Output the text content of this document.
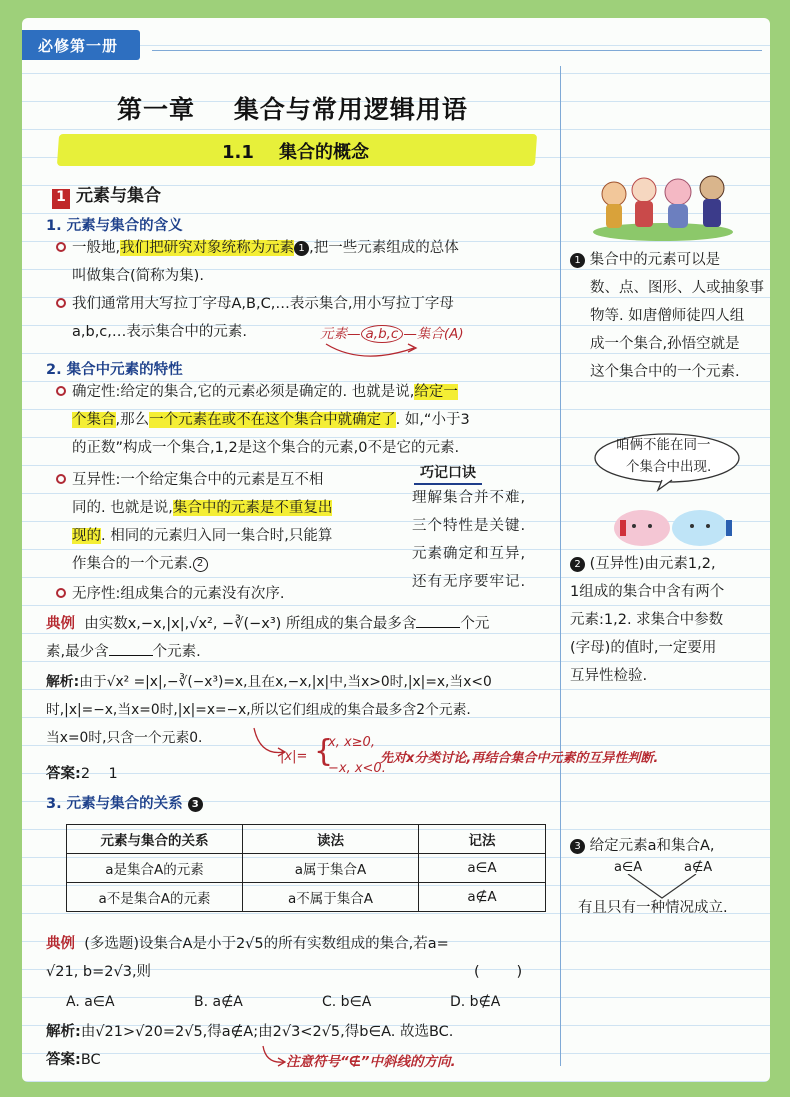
必修第一册
第一章    集合与常用逻辑用语
1.1    集合的概念
1 元素与集合
1. 元素与集合的含义
一般地,我们把研究对象统称为元素 1 ,把一些元素组成的总体
叫做集合(简称为集).
我们通常用大写拉丁字母A,B,C,…表示集合,用小写拉丁字母
a,b,c,…表示集合中的元素.	元素— a,b,c —集合(A)
2. 集合中元素的特性
确定性:给定的集合,它的元素必须是确定的. 也就是说,给定一
个集合,那么一个元素在或不在这个集合中就确定了. 如,“小于3
的正数”构成一个集合,1,2是这个集合的元素,0不是它的元素.
互异性:一个给定集合中的元素是互不相
同的. 也就是说,集合中的元素是不重复出
现的. 相同的元素归入同一集合时,只能算
作集合的一个元素. 2
无序性:组成集合的元素没有次序.
巧记口诀
理解集合并不难,
三个特性是关键.
元素确定和互异,
还有无序要牢记.
典例 由实数x,−x,|x|,√x², −∛(−x³) 所组成的集合最多含	个元
素,最少含	个元素.
解析:由于√x² =|x|,−∛(−x³)=x,且在x,−x,|x|中,当x>0时,|x|=x,当x<0
时,|x|=−x,当x=0时,|x|=x=−x,所以它们组成的集合最多含2个元素.
当x=0时,只含一个元素0.
|x|= {
x, x≥0,
−x, x<0.
先对x分类讨论,再结合集合中元素的互异性判断.
答案:2    1
3. 元素与集合的关系 3
元素与集合的关系	读法	记法
a是集合A的元素	a属于集合A	a∈A
a不是集合A的元素	a不属于集合A	a∉A
典例 (多选题)设集合A是小于2√5的所有实数组成的集合,若a=
√21, b=2√3,则	(        )
A. a∈A	B. a∉A	C. b∈A	D. b∉A
解析:由√21>√20=2√5,得a∉A;由2√3<2√5,得b∈A. 故选BC.
答案:BC	注意符号“∉”中斜线的方向.
1 集合中的元素可以是
数、点、图形、人或抽象事
物等. 如唐僧师徒四人组
成一个集合,孙悟空就是
这个集合中的一个元素.
咱俩不能在同一
个集合中出现.
2 (互异性)由元素1,2,
1组成的集合中含有两个
元素:1,2. 求集合中参数
(字母)的值时,一定要用
互异性检验.
3 给定元素a和集合A,
a∈A	a∉A
有且只有一种情况成立.
